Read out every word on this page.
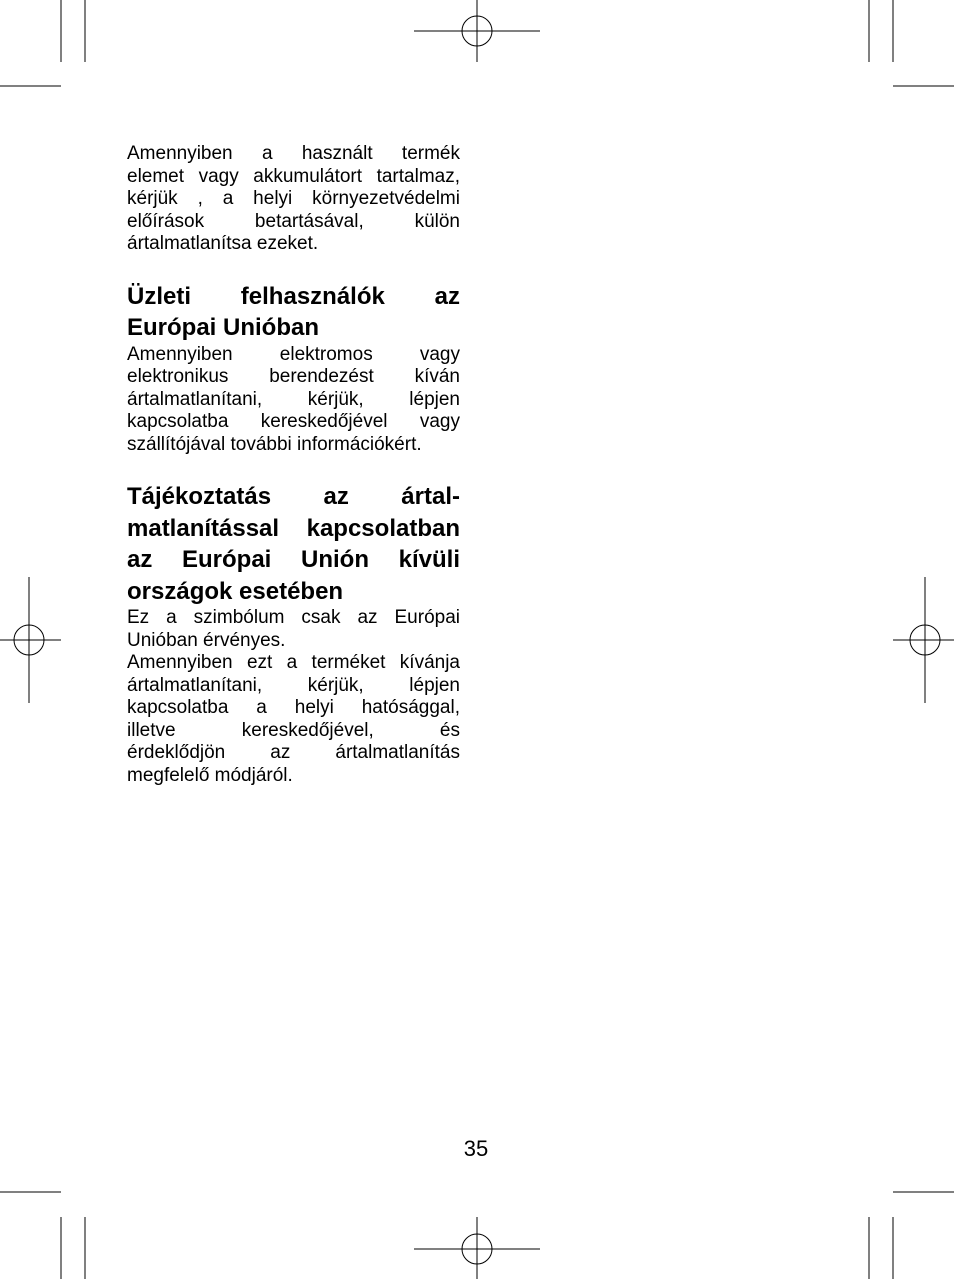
Amennyiben a használt termék
elemet vagy akkumulátort tartalmaz,
kérjük , a helyi környezetvédelmi
előírások betartásával, külön
ártalmatlanítsa ezeket.

Üzleti felhasználók az
Európai Unióban

Amennyiben elektromos vagy
elektronikus berendezést kíván
ártalmatlanítani, kérjük, lépjen
kapcsolatba kereskedőjével vagy
szállítójával további információkért.

Tájékoztatás az ártal-
matlanítással kapcsolatban
az Európai Unión kívüli
országok esetében

Ez a szimbólum csak az Európai
Unióban érvényes.

Amennyiben ezt a terméket kívánja
ártalmatlanítani, kérjük, lépjen
kapcsolatba a helyi hatósággal,
illetve kereskedőjével, és
érdeklődjön az ártalmatlanítás
megfelelő módjáról.

35
